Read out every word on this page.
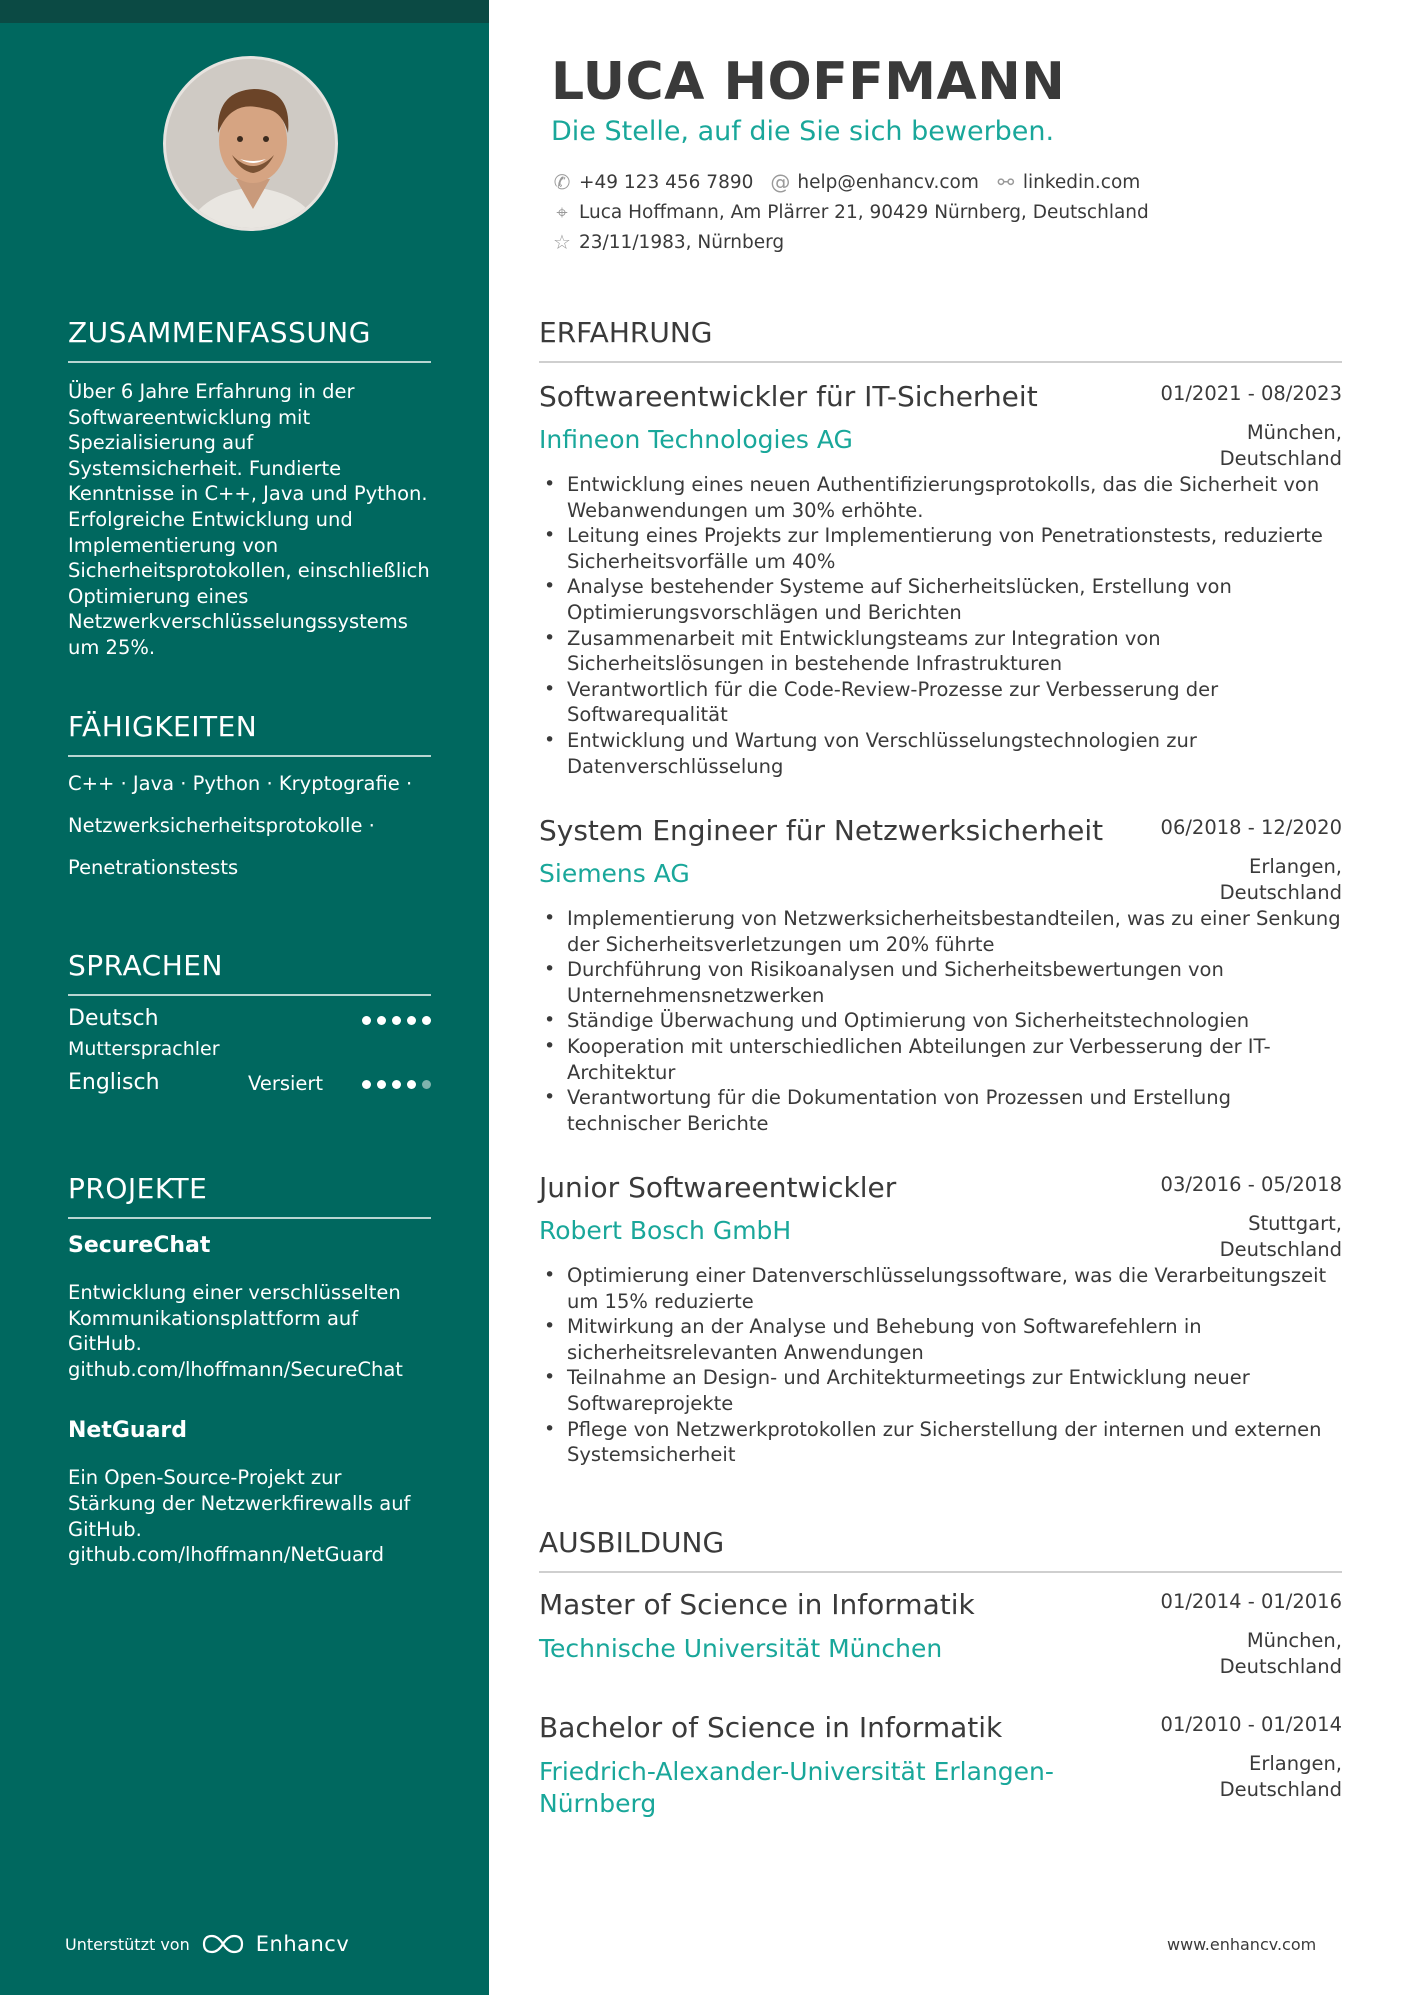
ZUSAMMENFASSUNG
Über 6 Jahre Erfahrung in der Softwareentwicklung mit Spezialisierung auf Systemsicherheit. Fundierte Kenntnisse in C++, Java und Python. Erfolgreiche Entwicklung und Implementierung von Sicherheitsprotokollen, einschließlich Optimierung eines Netzwerkverschlüsselungssystems um 25%.
FÄHIGKEITEN
C++ · Java · Python · Kryptografie ·
Netzwerksicherheitsprotokolle ·
Penetrationstests
SPRACHEN
Deutsch
Muttersprachler
Englisch	Versiert
PROJEKTE
SecureChat
Entwicklung einer verschlüsselten Kommunikationsplattform auf GitHub. github.com/lhoffmann/SecureChat
NetGuard
Ein Open-Source-Projekt zur Stärkung der Netzwerkfirewalls auf GitHub. github.com/lhoffmann/NetGuard
Unterstützt von	Enhancv
LUCA HOFFMANN
Die Stelle, auf die Sie sich bewerben.
✆ +49 123 456 7890 @ help@enhancv.com ⚯ linkedin.com
⌖ Luca Hoffmann, Am Plärrer 21, 90429 Nürnberg, Deutschland
☆ 23/11/1983, Nürnberg
ERFAHRUNG
Softwareentwickler für IT-Sicherheit	01/2021 - 08/2023
Infineon Technologies AG	München,
Deutschland
• Entwicklung eines neuen Authentifizierungsprotokolls, das die Sicherheit von Webanwendungen um 30% erhöhte.
• Leitung eines Projekts zur Implementierung von Penetrationstests, reduzierte Sicherheitsvorfälle um 40%
• Analyse bestehender Systeme auf Sicherheitslücken, Erstellung von Optimierungsvorschlägen und Berichten
• Zusammenarbeit mit Entwicklungsteams zur Integration von Sicherheitslösungen in bestehende Infrastrukturen
• Verantwortlich für die Code-Review-Prozesse zur Verbesserung der Softwarequalität
• Entwicklung und Wartung von Verschlüsselungstechnologien zur Datenverschlüsselung
System Engineer für Netzwerksicherheit	06/2018 - 12/2020
Siemens AG	Erlangen,
Deutschland
• Implementierung von Netzwerksicherheitsbestandteilen, was zu einer Senkung der Sicherheitsverletzungen um 20% führte
• Durchführung von Risikoanalysen und Sicherheitsbewertungen von Unternehmensnetzwerken
• Ständige Überwachung und Optimierung von Sicherheitstechnologien
• Kooperation mit unterschiedlichen Abteilungen zur Verbesserung der IT-Architektur
• Verantwortung für die Dokumentation von Prozessen und Erstellung technischer Berichte
Junior Softwareentwickler	03/2016 - 05/2018
Robert Bosch GmbH	Stuttgart,
Deutschland
• Optimierung einer Datenverschlüsselungssoftware, was die Verarbeitungszeit um 15% reduzierte
• Mitwirkung an der Analyse und Behebung von Softwarefehlern in sicherheitsrelevanten Anwendungen
• Teilnahme an Design- und Architekturmeetings zur Entwicklung neuer Softwareprojekte
• Pflege von Netzwerkprotokollen zur Sicherstellung der internen und externen Systemsicherheit
AUSBILDUNG
Master of Science in Informatik	01/2014 - 01/2016
Technische Universität München	München,
Deutschland
Bachelor of Science in Informatik	01/2010 - 01/2014
Friedrich-Alexander-Universität Erlangen-Nürnberg
Erlangen,
Deutschland
www.enhancv.com
